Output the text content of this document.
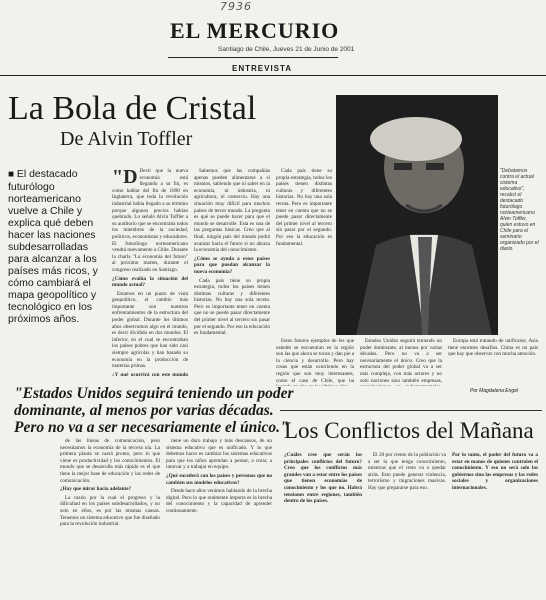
7936
EL MERCURIO
Santiago de Chile, Jueves 21 de Junio de 2001
ENTREVISTA
La Bola de Cristal
De Alvin Toffler
■ El destacado futurólogo norteamericano vuelve a Chile y explica qué deben hacer las naciones subdesarrolladas para alcanzar a los países más ricos, y cómo cambiará el mapa geopolítico y tecnológico en los próximos años.

"D Decir que la nueva economía está llegando a su fin, es como hablar del fin de 1890 en Inglaterra, que toda la revolución industrial había llegado a su término porque algunos precios habían quebrado. Lo señaló Alvin Toffler a su auditorio que se encontraba todos los miembros de la sociedad, políticos, economistas y educadores. El futurólogo norteamericano vendrá nuevamente a Chile. Durante la charla "La economía del futuro" al próximo martes, durante el congreso realizado en Santiago.

¿Cómo evalúa la situación del mundo actual?

Estamos en un punto de vista geopolítico, el cambio más importante son nuestros enfrentamientos de la estructura del poder global. Durante los últimos años observamos algo en el mundo, es decir dividido en dos mundos. El inferior, en el cual se encontraban los países pobres que han sido casi siempre agrícolas y han basado su economía en la producción de materias primas.

¿Y qué ocurrirá con este mundo

Sabemos que las compañías apenas pueden alimentarse a sí mismos, sabiendo que ni saber en la economía, ni industria, ni agricultura, ni comercio. Hay una situación muy difícil para muchos países de tercer mundo. La pregunta es qué se puede hacer para que el mundo se desarrolle. Esta es una de las preguntas básicas. Creo que al final, ningún país del mundo podrá avanzar hacia el futuro si no abraza la economía del conocimiento.

¿Cómo se ayuda a estos países para que puedan alcanzar la nueva economía?

Cada país tiene su propia estrategia, todos los países tienen distintas culturas y diferentes historias. No hay una sola receta. Pero es importante tener en cuenta que no se puede pasar directamente del primer nivel al tercero sin pasar por el segundo. Por eso la educación es fundamental.

Estos futuros ejemplos de los que ustedes se encuentran en la región son las que ahora se tocan y dan pie a la ciencia y desarrollo. Pero hay cosas que están ocurriendo en la región que son muy interesantes, como el caso de Chile, que ha

Estados Unidos seguirá teniendo un poder dominante, al menos por varias décadas. Pero no va a ser necesariamente el único. Creo que la estructura del poder global va a ser más compleja, con más actores y no solo naciones sino también empresas,

Europa está tratando de unificarse, Asia tiene enormes desafíos. China es un país que hay que observar con mucha atención.

Cada país tiene su propia estrategia, todos los países tienen distintas culturas y diferentes historias. No hay una sola receta. Pero es importante tener en cuenta que no se puede pasar directamente del primer nivel al tercero sin pasar por el segundo. Por eso la educación es fundamental.

"Debatamos contra el actual sistema educativo", recalcó el destacado futurólogo norteamericano Alvin Toffler, quien estuvo en Chile para el seminario organizado por el diario.
"Estados Unidos seguirá teniendo un poder dominante, al menos por varias décadas. Pero no va a ser necesariamente el único."
Por Magdalena Engel

de las líneas de comunicación, pero necesitamos la economía de la tercera ola. La primera planta se caerá pronto, pero lo que viene es productividad y los conocimientos. El mundo que se desarrolla más rápido es el que tiene la mejor base de educación y las redes de comunicación.

¿Hay que mirar hacia adelante?

La razón por la cual el progreso y la dificultad en los países subdesarrollados, y no solo en ellos, es por las mismas causas. Tenemos un sistema educativo que fue diseñado para la revolución industrial.

tiene un duro trabajo y más descansos, de un sistema educativo que es unificado. Y lo que debemos hacer es cambiar los sistemas educativos para que los niños aprendan a pensar, a crear, a innovar y a trabajar en equipo.

¿Qué sucederá con los países y personas que no cambien sus modelos educativos?

Desde hace años venimos hablando de la brecha digital. Pero lo que realmente importa es la brecha del conocimiento y la capacidad de aprender continuamente.

Los Conflictos del Mañana

¿Cuáles cree que serán los principales conflictos del futuro? Creo que los conflictos más grandes van a estar entre los países que tienen economías de conocimiento y los que no. Habrá tensiones entre regiones, también dentro de los países.

El 20 por ciento de la población va a ser la que tenga conocimiento, mientras que el resto va a quedar atrás. Esto puede generar violencia, terrorismo y migraciones masivas. Hay que prepararse para eso.

Por lo tanto, el poder del futuro va a estar en manos de quienes controlen el conocimiento. Y eso no será solo los gobiernos sino las empresas y las redes sociales y organizaciones internacionales.
